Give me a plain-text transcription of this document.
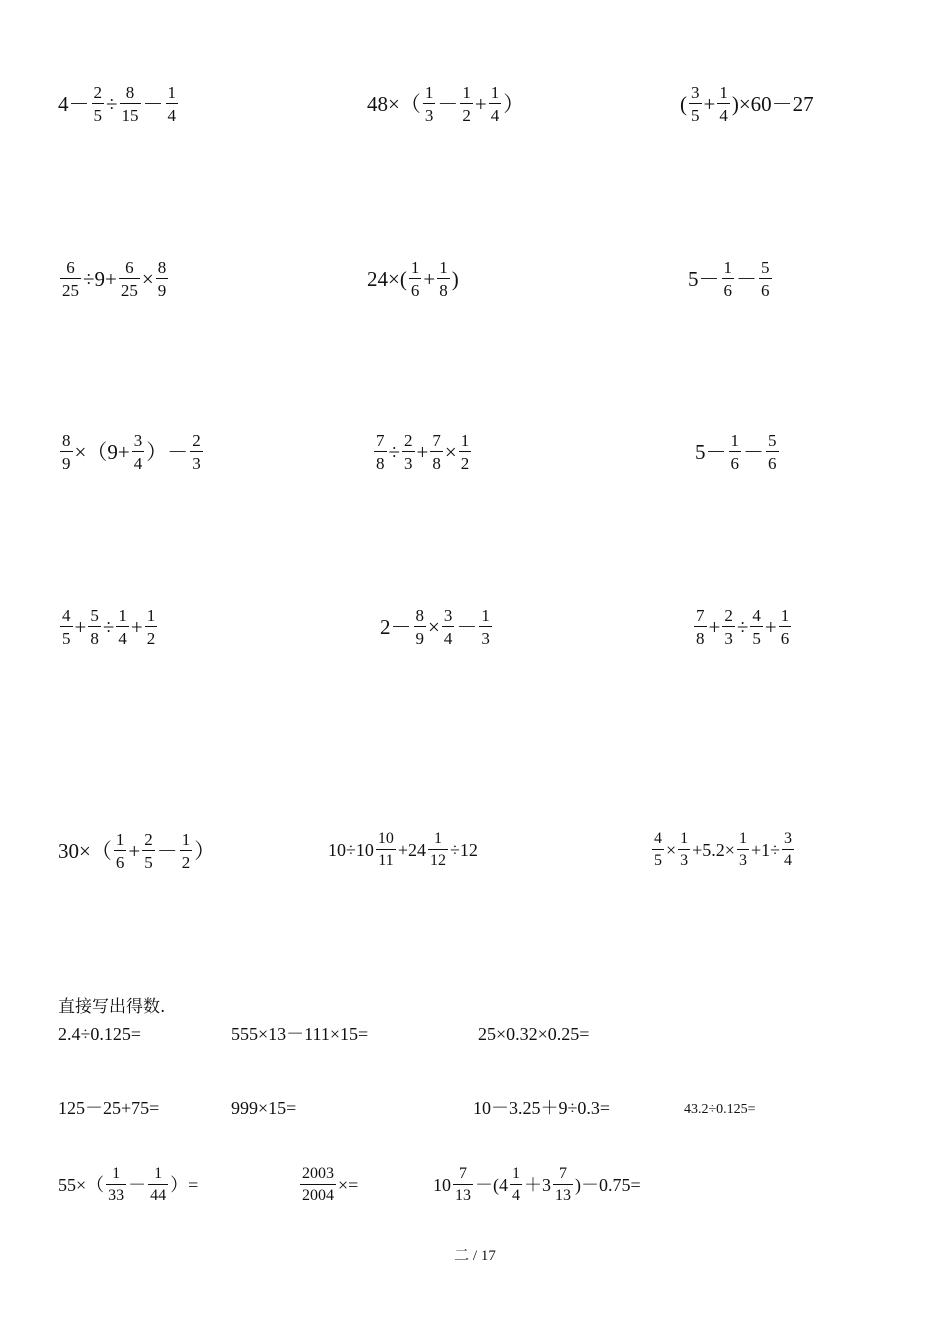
$4- \frac{2}{5} \div \frac{8}{15} - \frac{1}{4}$	$48\times( \frac{1}{3} - \frac{1}{2} + \frac{1}{4}$ ）	( $\frac{3}{5} + \frac{1}{4} )\times 60-27$
$\frac{6}{25} \div 9+ \frac{6}{25} \times \frac{8}{9}$	$24\times( \frac{1}{6} + \frac{1}{8}$ )	$5- \frac{1}{6} - \frac{5}{6}$
$\frac{8}{9} \times(9+ \frac{3}{4}$ ）－ $\frac{2}{3}$	$\frac{7}{8} \div \frac{2}{3} + \frac{7}{8} \times \frac{1}{2}$	$5- \frac{1}{6} - \frac{5}{6}$
$\frac{4}{5} + \frac{5}{8} \div \frac{1}{4} + \frac{1}{2}$	$2- \frac{8}{9} \times \frac{3}{4} - \frac{1}{3}$	$\frac{7}{8} + \frac{2}{3} \div \frac{4}{5} + \frac{1}{6}$
$30\times( \frac{1}{6} + \frac{2}{5} - \frac{1}{2}$ ）	$10\div 10 \frac{10}{11} +24 \frac{1}{12} \div 12$	$\frac{4}{5} \times \frac{1}{3} +5.2\times \frac{1}{3} +1\div \frac{3}{4}$
直接写出得数.
2.4÷0.125=	555×13－111×15=	25×0.32×0.25=
125－25+75=	999×15=	10－3.25＋9÷0.3=	43.2÷0.125=
$55\times( \frac{1}{33} - \frac{1}{44}$ ）=	$\frac{2003}{2004}$ ×=	$10 \frac{7}{13} -(4 \frac{1}{4} +3 \frac{7}{13} )-0.75=$
二 / 17
